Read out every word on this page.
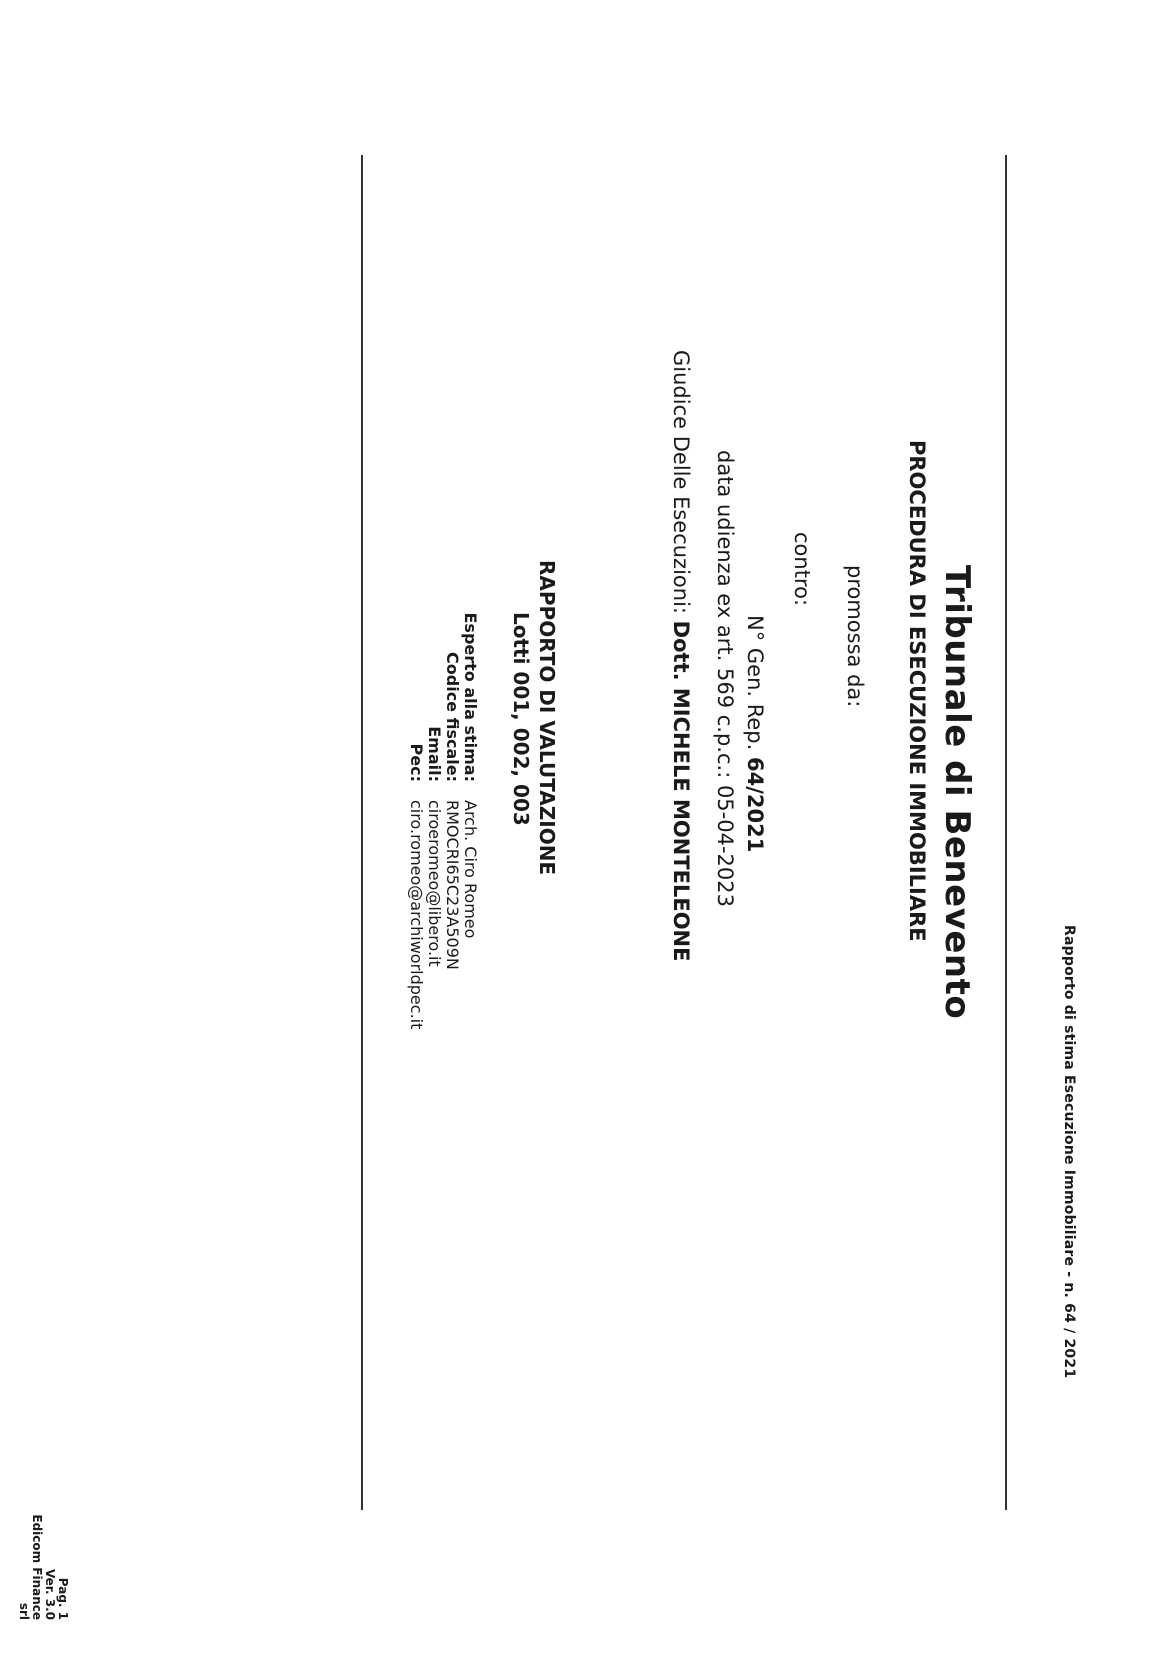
Rapporto di stima Esecuzione Immobiliare - n. 64 / 2021
Tribunale di Benevento
PROCEDURA DI ESECUZIONE IMMOBILIARE
promossa da:
contro:
N° Gen. Rep. 64/2021
data udienza ex art. 569 c.p.c.: 05-04-2023
Giudice Delle Esecuzioni: Dott. MICHELE MONTELEONE
RAPPORTO DI VALUTAZIONE
Lotti 001, 002, 003
Esperto alla stima:
Arch. Ciro Romeo
Codice fiscale:
RMOCRI65C23A509N
Email:
ciroeromeo@libero.it
Pec:
ciro.romeo@archiworldpec.it
Pag. 1
Ver. 3.0
Edicom Finance srl
